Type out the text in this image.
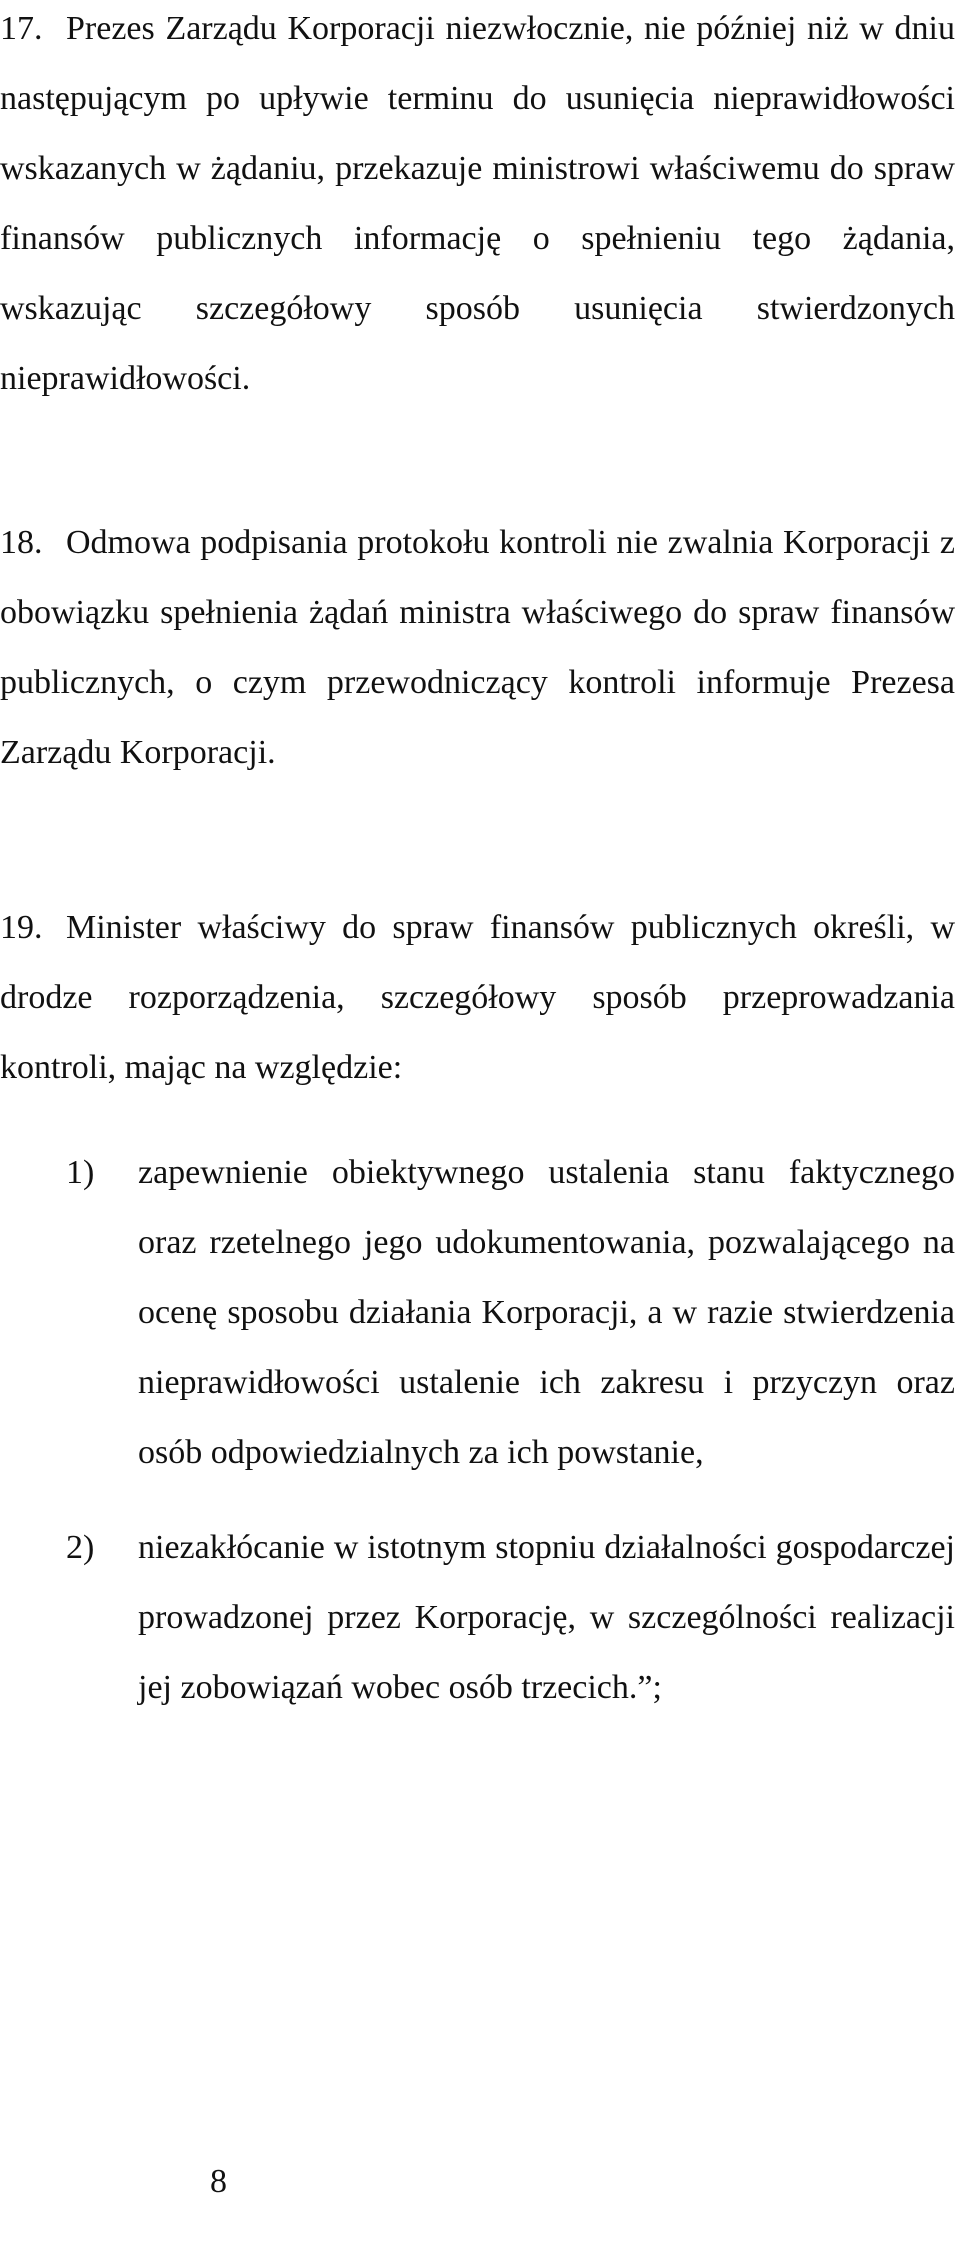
17. Prezes Zarządu Korporacji niezwłocznie, nie później niż w dniu następującym po upływie terminu do usunięcia nieprawidłowości wskazanych w żądaniu, przekazuje ministrowi właściwemu do spraw finansów publicznych informację o spełnieniu tego żądania, wskazując szczegółowy sposób usunięcia stwierdzonych nieprawidłowości.
18. Odmowa podpisania protokołu kontroli nie zwalnia Korporacji z obowiązku spełnienia żądań ministra właściwego do spraw finansów publicznych, o czym przewodniczący kontroli informuje Prezesa Zarządu Korporacji.
19. Minister właściwy do spraw finansów publicznych określi, w drodze rozporządzenia, szczegółowy sposób przeprowadzania kontroli, mając na względzie:
1) zapewnienie obiektywnego ustalenia stanu faktycznego oraz rzetelnego jego udokumentowania, pozwalającego na ocenę sposobu działania Korporacji, a w razie stwierdzenia nieprawidłowości ustalenie ich zakresu i przyczyn oraz osób odpowiedzialnych za ich powstanie,
2) niezakłócanie w istotnym stopniu działalności gospodarczej prowadzonej przez Korporację, w szczególności realizacji jej zobowiązań wobec osób trzecich.”;
8
